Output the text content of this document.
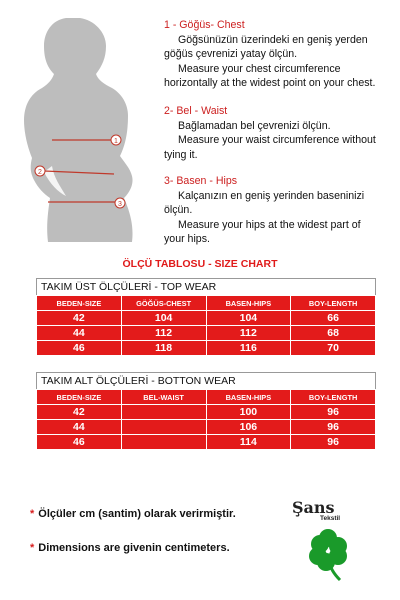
1
2
3
1 - Göğüs- Chest
Göğsünüzün üzerindeki en geniş yerden
göğüs çevrenizi yatay ölçün.
Measure your chest circumference
horizontally at the widest point on your chest.
2- Bel - Waist
Bağlamadan bel çevrenizi ölçün.
Measure your waist circumference without
tying it.
3- Basen - Hips
Kalçanızın en geniş yerinden baseninizi
ölçün.
Measure your hips at the widest part of
your hips.
ÖLÇÜ TABLOSU - SIZE CHART
TAKIM ÜST ÖLÇÜLERİ - TOP WEAR
BEDEN-SIZE	GÖĞÜS-CHEST	BASEN-HIPS	BOY-LENGTH
42	104	104	66
44	112	112	68
46	118	116	70
TAKIM ALT ÖLÇÜLERİ - BOTTON WEAR
BEDEN-SIZE	BEL-WAIST	BASEN-HIPS	BOY-LENGTH
42		100	96
44		106	96
46		114	96
* Ölçüler cm (santim) olarak verirmiştir.
* Dimensions are givenin centimeters.
Şans
Tekstil
